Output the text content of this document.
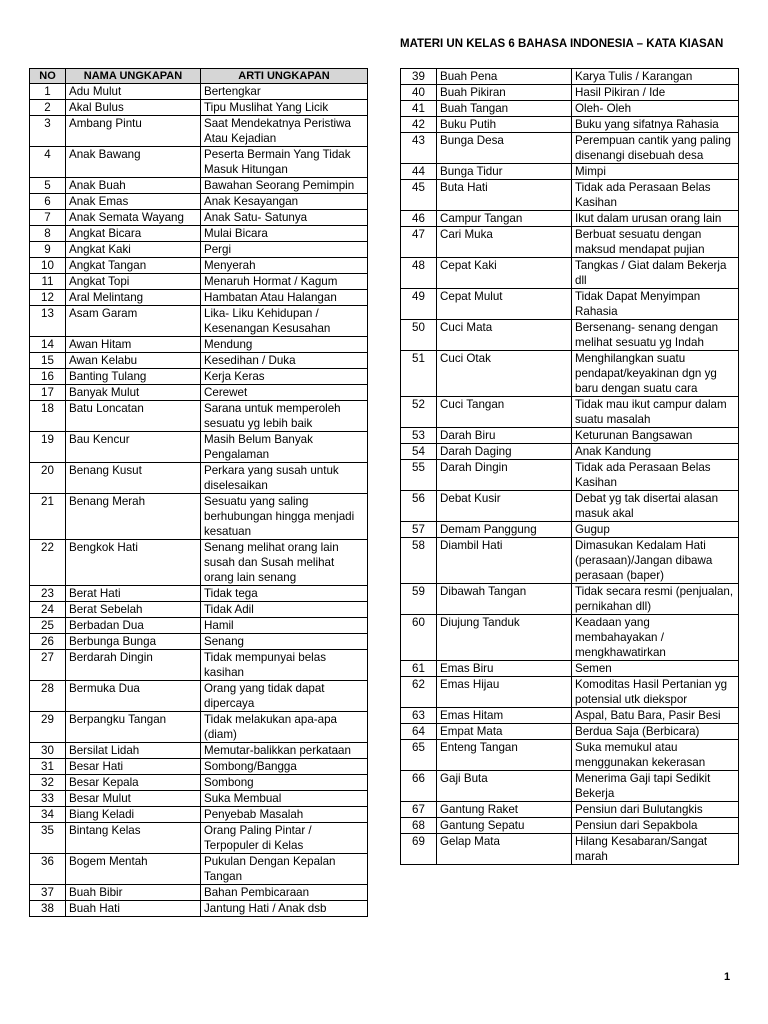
MATERI UN KELAS 6 BAHASA INDONESIA – KATA KIASAN
NO	NAMA UNGKAPAN	ARTI UNGKAPAN
1	Adu Mulut	Bertengkar
2	Akal Bulus	Tipu Muslihat Yang Licik
3	Ambang Pintu	Saat Mendekatnya Peristiwa Atau Kejadian
4	Anak Bawang	Peserta Bermain Yang Tidak Masuk Hitungan
5	Anak Buah	Bawahan Seorang Pemimpin
6	Anak Emas	Anak Kesayangan
7	Anak Semata Wayang	Anak Satu- Satunya
8	Angkat Bicara	Mulai Bicara
9	Angkat Kaki	Pergi
10	Angkat Tangan	Menyerah
11	Angkat Topi	Menaruh Hormat / Kagum
12	Aral Melintang	Hambatan Atau Halangan
13	Asam Garam	Lika- Liku Kehidupan / Kesenangan Kesusahan
14	Awan Hitam	Mendung
15	Awan Kelabu	Kesedihan / Duka
16	Banting Tulang	Kerja Keras
17	Banyak Mulut	Cerewet
18	Batu Loncatan	Sarana untuk memperoleh sesuatu yg lebih baik
19	Bau Kencur	Masih Belum Banyak Pengalaman
20	Benang Kusut	Perkara yang susah untuk diselesaikan
21	Benang Merah	Sesuatu yang saling berhubungan hingga menjadi kesatuan
22	Bengkok Hati	Senang melihat orang lain susah dan Susah melihat orang lain senang
23	Berat Hati	Tidak tega
24	Berat Sebelah	Tidak Adil
25	Berbadan Dua	Hamil
26	Berbunga Bunga	Senang
27	Berdarah Dingin	Tidak mempunyai belas kasihan
28	Bermuka Dua	Orang yang tidak dapat dipercaya
29	Berpangku Tangan	Tidak melakukan apa-apa (diam)
30	Bersilat Lidah	Memutar-balikkan perkataan
31	Besar Hati	Sombong/Bangga
32	Besar Kepala	Sombong
33	Besar Mulut	Suka Membual
34	Biang Keladi	Penyebab Masalah
35	Bintang Kelas	Orang Paling Pintar / Terpopuler di Kelas
36	Bogem Mentah	Pukulan Dengan Kepalan Tangan
37	Buah Bibir	Bahan Pembicaraan
38	Buah Hati	Jantung Hati / Anak dsb
39	Buah Pena	Karya Tulis / Karangan
40	Buah Pikiran	Hasil Pikiran / Ide
41	Buah Tangan	Oleh- Oleh
42	Buku Putih	Buku yang sifatnya Rahasia
43	Bunga Desa	Perempuan cantik yang paling disenangi disebuah desa
44	Bunga Tidur	Mimpi
45	Buta Hati	Tidak ada Perasaan Belas Kasihan
46	Campur Tangan	Ikut dalam urusan orang lain
47	Cari Muka	Berbuat sesuatu dengan maksud mendapat pujian
48	Cepat Kaki	Tangkas / Giat dalam Bekerja dll
49	Cepat Mulut	Tidak Dapat Menyimpan Rahasia
50	Cuci Mata	Bersenang- senang dengan melihat sesuatu yg Indah
51	Cuci Otak	Menghilangkan suatu pendapat/keyakinan dgn yg baru dengan suatu cara
52	Cuci Tangan	Tidak mau ikut campur dalam suatu masalah
53	Darah Biru	Keturunan Bangsawan
54	Darah Daging	Anak Kandung
55	Darah Dingin	Tidak ada Perasaan Belas Kasihan
56	Debat Kusir	Debat yg tak disertai alasan masuk akal
57	Demam Panggung	Gugup
58	Diambil Hati	Dimasukan Kedalam Hati (perasaan)/Jangan dibawa perasaan (baper)
59	Dibawah Tangan	Tidak secara resmi (penjualan, pernikahan dll)
60	Diujung Tanduk	Keadaan yang membahayakan / mengkhawatirkan
61	Emas Biru	Semen
62	Emas Hijau	Komoditas Hasil Pertanian yg potensial utk diekspor
63	Emas Hitam	Aspal, Batu Bara, Pasir Besi
64	Empat Mata	Berdua Saja (Berbicara)
65	Enteng Tangan	Suka memukul atau menggunakan kekerasan
66	Gaji Buta	Menerima Gaji tapi Sedikit Bekerja
67	Gantung Raket	Pensiun dari Bulutangkis
68	Gantung Sepatu	Pensiun dari Sepakbola
69	Gelap Mata	Hilang Kesabaran/Sangat marah
1
